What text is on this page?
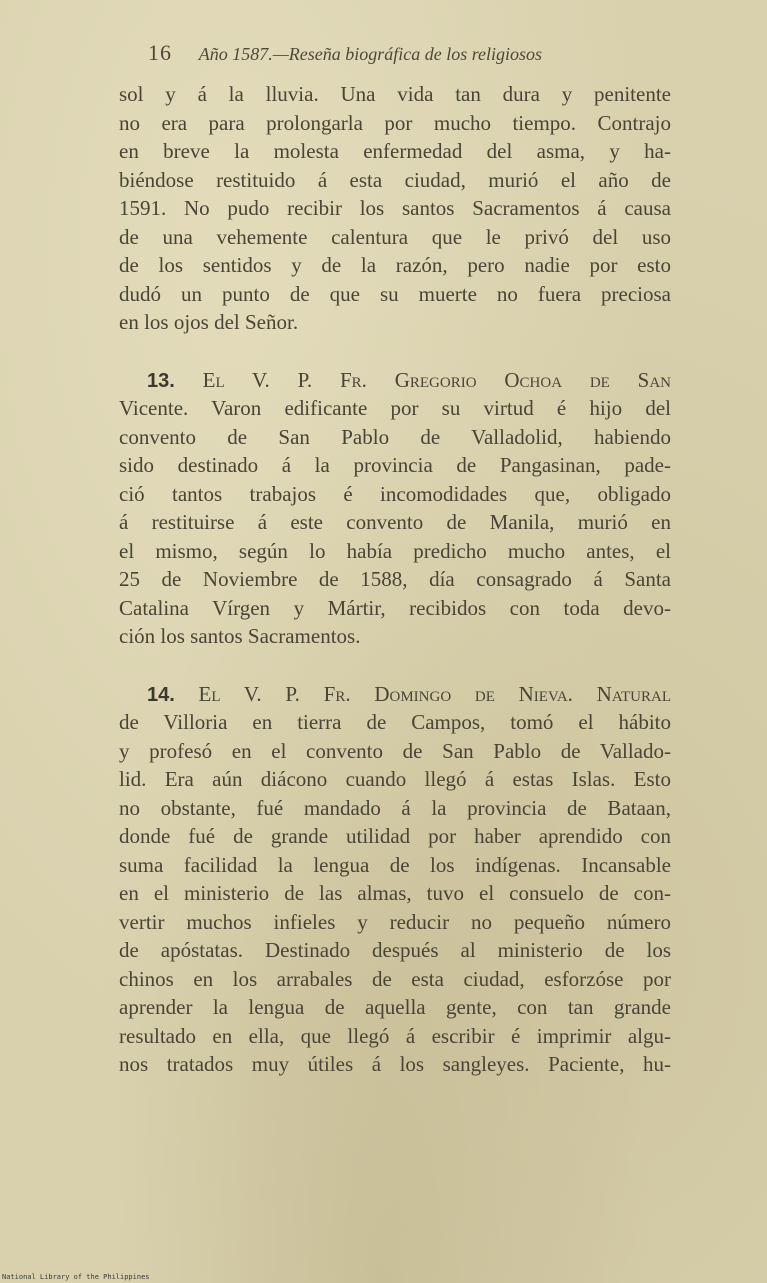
16 Año 1587.—Reseña biográfica de los religiosos
sol y á la lluvia. Una vida tan dura y penitente
no era para prolongarla por mucho tiempo. Contrajo
en breve la molesta enfermedad del asma, y ha-
biéndose restituido á esta ciudad, murió el año de
1591. No pudo recibir los santos Sacramentos á causa
de una vehemente calentura que le privó del uso
de los sentidos y de la razón, pero nadie por esto
dudó un punto de que su muerte no fuera preciosa
en los ojos del Señor.
13. El V. P. Fr. Gregorio Ochoa de San
Vicente. Varon edificante por su virtud é hijo del
convento de San Pablo de Valladolid, habiendo
sido destinado á la provincia de Pangasinan, pade-
ció tantos trabajos é incomodidades que, obligado
á restituirse á este convento de Manila, murió en
el mismo, según lo había predicho mucho antes, el
25 de Noviembre de 1588, día consagrado á Santa
Catalina Vírgen y Mártir, recibidos con toda devo-
ción los santos Sacramentos.
14. El V. P. Fr. Domingo de Nieva. Natural
de Villoria en tierra de Campos, tomó el hábito
y profesó en el convento de San Pablo de Vallado-
lid. Era aún diácono cuando llegó á estas Islas. Esto
no obstante, fué mandado á la provincia de Bataan,
donde fué de grande utilidad por haber aprendido con
suma facilidad la lengua de los indígenas. Incansable
en el ministerio de las almas, tuvo el consuelo de con-
vertir muchos infieles y reducir no pequeño número
de apóstatas. Destinado después al ministerio de los
chinos en los arrabales de esta ciudad, esforzóse por
aprender la lengua de aquella gente, con tan grande
resultado en ella, que llegó á escribir é imprimir algu-
nos tratados muy útiles á los sangleyes. Paciente, hu-
National Library of the Philippines
